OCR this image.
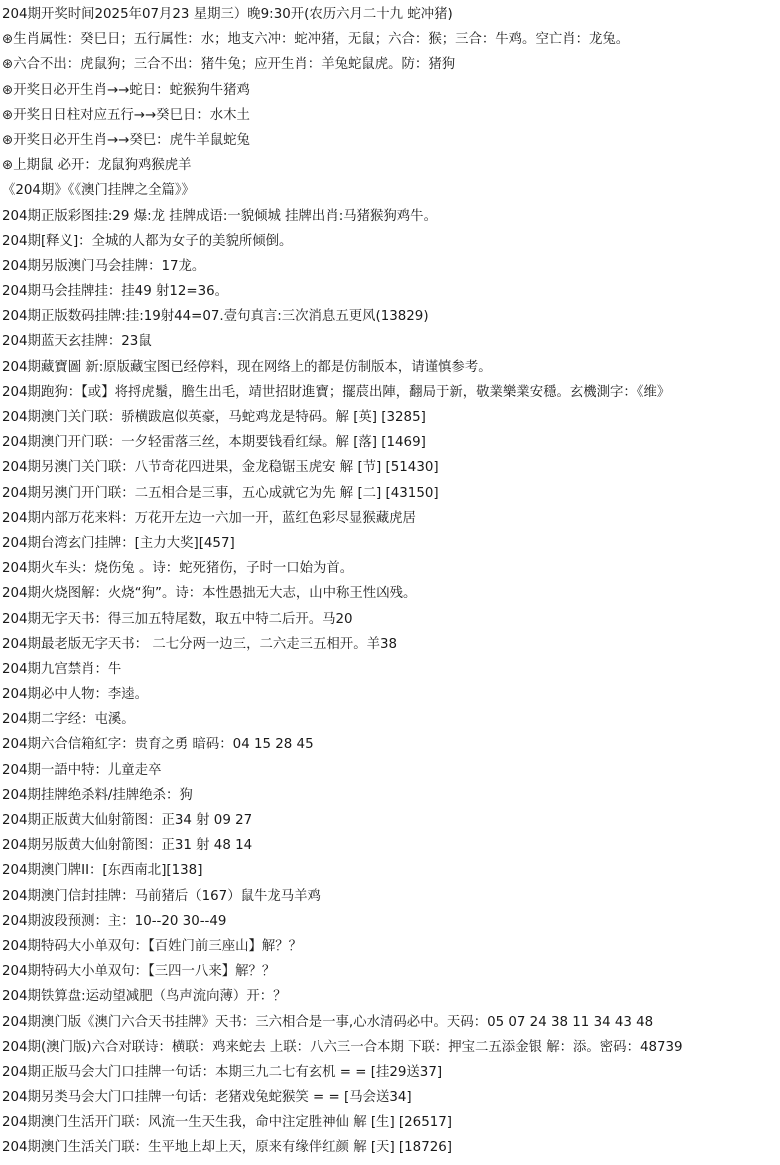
204期开奖时间2025年07月23 星期三）晚9:30开(农历六月二十九 蛇冲猪)
⊛生肖属性：癸巳日；五行属性：水；地支六冲：蛇冲猪，无鼠；六合：猴；三合：牛鸡。空亡肖：龙兔。
⊛六合不出：虎鼠狗；三合不出：猪牛兔；应开生肖：羊兔蛇鼠虎。防：猪狗
⊛开奖日必开生肖→→蛇日：蛇猴狗牛猪鸡
⊛开奖日日柱对应五行→→癸巳日：水木土
⊛开奖日必开生肖→→癸巳：虎牛羊鼠蛇兔
⊛上期鼠 必开：龙鼠狗鸡猴虎羊
《204期》《《澳门挂牌之全篇》》
204期正版彩图挂:29 爆:龙 挂牌成语:一貌倾城 挂牌出肖:马猪猴狗鸡牛。
204期[释义]：全城的人都为女子的美貌所倾倒。
204期另版澳门马会挂牌：17龙。
204期马会挂牌挂：挂49 射12=36。
204期正版数码挂牌:挂:19射44=07.壹句真言:三次消息五更风(13829)
204期蓝天玄挂牌：23鼠
204期藏寶圖 新:原版藏宝图已经停料，现在网络上的都是仿制版本，请谨慎参考。
204期跑狗：【或】将捋虎鬚，膽生出毛，靖世招財進寶；擺莀出陣，翻局于新，敬業樂業安穩。玄機測字：《维》
204期澳门关门联：骄横跋扈似英豪，马蛇鸡龙是特码。解 [英] [3285]
204期澳门开门联：一夕轻雷落三丝，本期要钱看红绿。解 [落] [1469]
204期另澳门关门联：八节奇花四进果，金龙稳锯玉虎安 解 [节] [51430]
204期另澳门开门联：二五相合是三事，五心成就它为先 解 [二] [43150]
204期内部万花来料：万花开左边一六加一开，蓝红色彩尽显猴藏虎居
204期台湾玄门挂牌：[主力大奖][457]
204期火车头：烧伤兔 。诗：蛇死猪伤，子时一口始为首。
204期火烧图解：火烧“狗”。诗：本性愚拙无大志，山中称王性凶残。
204期无字天书：得三加五特尾数，取五中特二后开。马20
204期最老版无字天书： 二七分两一边三，二六走三五相开。羊38
204期九宫禁肖：牛
204期必中人物：李逵。
204期二字经：屯溪。
204期六合信箱紅字：贵育之勇 暗码：04 15 28 45
204期一語中特：儿童走卒
204期挂牌绝杀料/挂牌绝杀：狗
204期正版黄大仙射箭图：正34 射 09 27
204期另版黄大仙射箭图：正31 射 48 14
204期澳门牌II：[东西南北][138]
204期澳门信封挂牌：马前猪后（167）鼠牛龙马羊鸡
204期波段预测：主：10--20 30--49
204期特码大小单双句：【百姓门前三座山】解？？
204期特码大小单双句：【三四一八来】解？？
204期铁算盘:运动望减肥（鸟声流向薄）开：？
204期澳门版《澳门六合天书挂牌》天书：三六相合是一事,心水清码必中。天码：05 07 24 38 11 34 43 48
204期(澳门版)六合对联诗：横联：鸡来蛇去 上联：八六三一合本期 下联：押宝二五添金银 解：添。密码：48739
204期正版马会大门口挂牌一句话：本期三九二七有玄机 = = [挂29送37]
204期另类马会大门口挂牌一句话：老猪戏兔蛇猴笑 = = [马会送34]
204期澳门生活开门联：风流一生天生我，命中注定胜神仙 解 [生] [26517]
204期澳门生活关门联：生平地上却上天，原来有缘伴红颜 解 [天] [18726]
